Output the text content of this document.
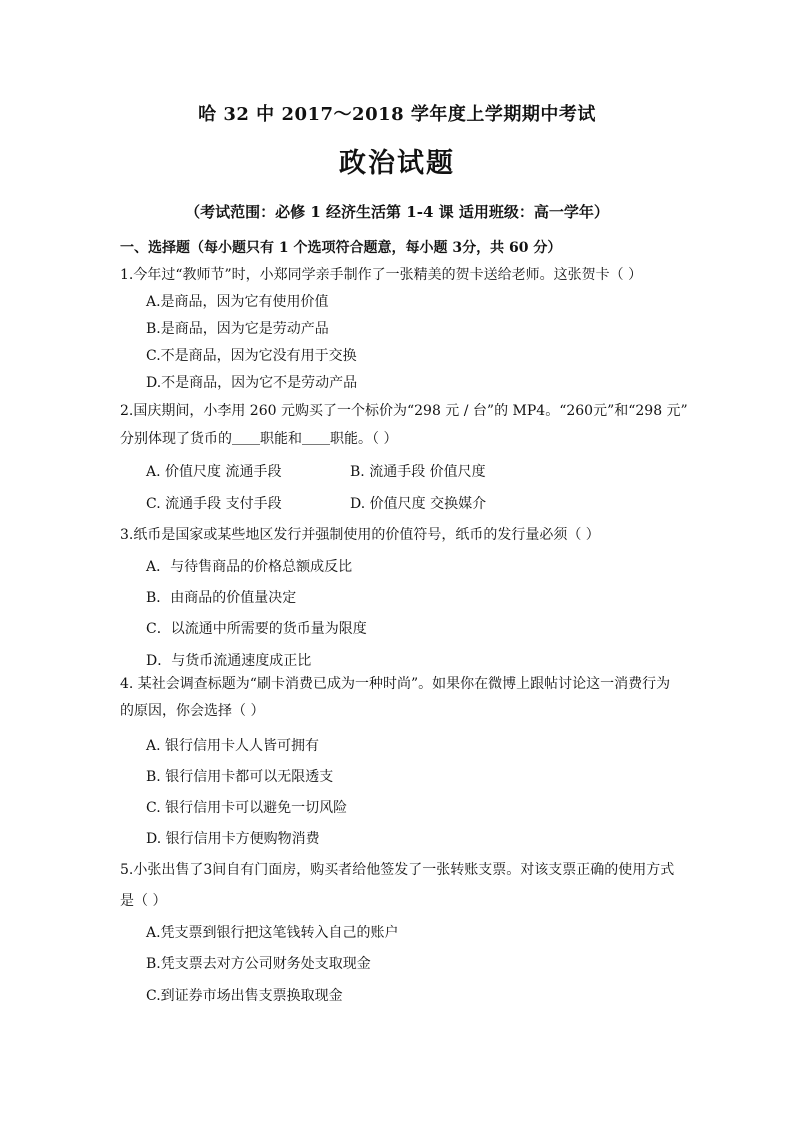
哈 32 中 2017～2018 学年度上学期期中考试
政治试题
（考试范围：必修 1 经济生活第 1-4 课 适用班级：高一学年）
一、选择题（每小题只有 1 个选项符合题意，每小题 3分，共 60 分）
1.今年过“教师节”时，小郑同学亲手制作了一张精美的贺卡送给老师。这张贺卡（ ）
A.是商品，因为它有使用价值
B.是商品，因为它是劳动产品
C.不是商品，因为它没有用于交换
D.不是商品，因为它不是劳动产品
2.国庆期间，小李用 260 元购买了一个标价为“298 元 / 台”的 MP4。“260元”和“298 元”
分别体现了货币的＿＿职能和＿＿职能。（ ）
A. 价值尺度 流通手段	B. 流通手段 价值尺度
C. 流通手段 支付手段	D. 价值尺度 交换媒介
3.纸币是国家或某些地区发行并强制使用的价值符号，纸币的发行量必须（ ）
A．与待售商品的价格总额成反比
B．由商品的价值量决定
C．以流通中所需要的货币量为限度
D．与货币流通速度成正比
4. 某社会调查标题为“刷卡消费已成为一种时尚”。如果你在微博上跟帖讨论这一消费行为
的原因，你会选择（ ）
A. 银行信用卡人人皆可拥有
B. 银行信用卡都可以无限透支
C. 银行信用卡可以避免一切风险
D. 银行信用卡方便购物消费
5.小张出售了3间自有门面房，购买者给他签发了一张转账支票。对该支票正确的使用方式
是（ ）
A.凭支票到银行把这笔钱转入自己的账户
B.凭支票去对方公司财务处支取现金
C.到证券市场出售支票换取现金
